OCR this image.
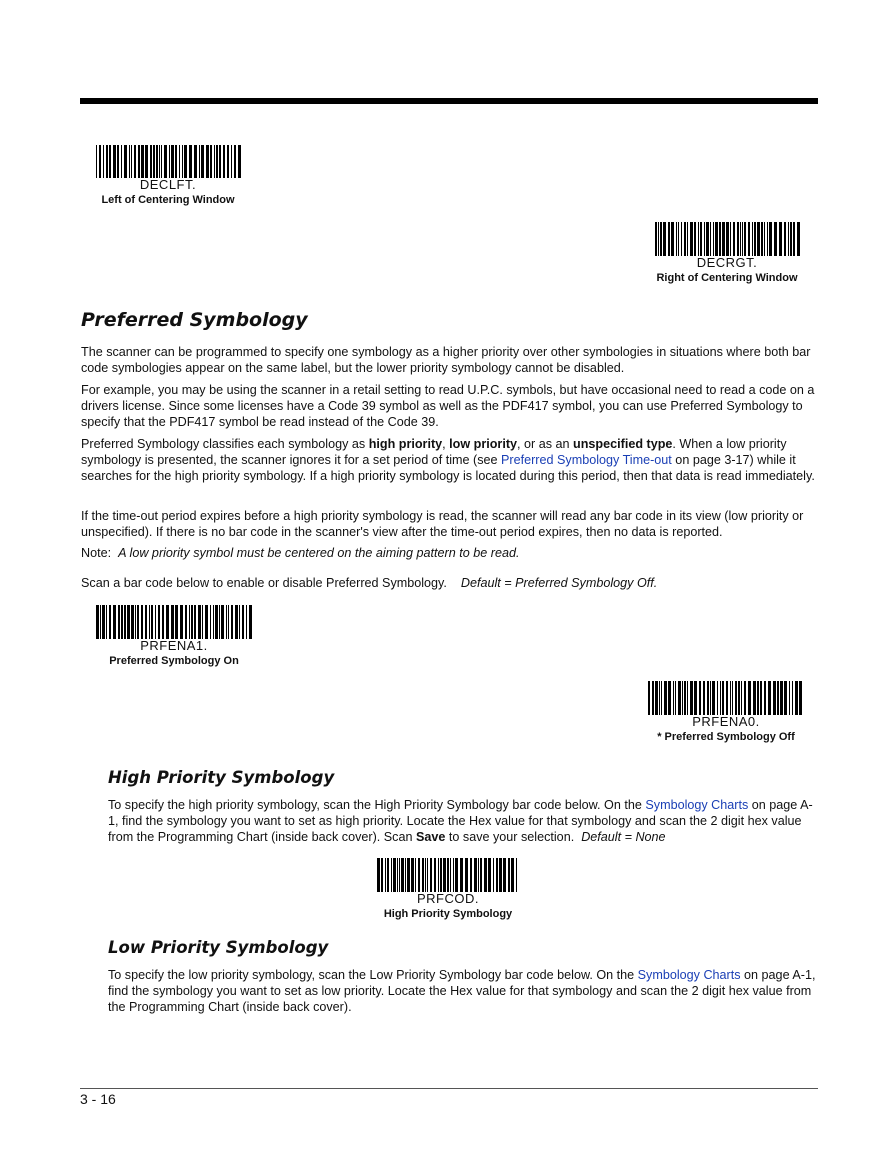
DECLFT.
Left of Centering Window
DECRGT.
Right of Centering Window
Preferred Symbology

The scanner can be programmed to specify one symbology as a higher priority over other symbologies in situations where both bar code symbologies appear on the same label, but the lower priority symbology cannot be disabled.

For example, you may be using the scanner in a retail setting to read U.P.C. symbols, but have occasional need to read a code on a drivers license. Since some licenses have a Code 39 symbol as well as the PDF417 symbol, you can use Preferred Symbology to specify that the PDF417 symbol be read instead of the Code 39.

Preferred Symbology classifies each symbology as high priority, low priority, or as an unspecified type. When a low priority symbology is presented, the scanner ignores it for a set period of time (see Preferred Symbology Time-out on page 3-17) while it searches for the high priority symbology. If a high priority symbology is located during this period, then that data is read immediately.

If the time-out period expires before a high priority symbology is read, the scanner will read any bar code in its view (low priority or unspecified). If there is no bar code in the scanner's view after the time-out period expires, then no data is reported.

Note: A low priority symbol must be centered on the aiming pattern to be read.

Scan a bar code below to enable or disable Preferred Symbology. Default = Preferred Symbology Off.

PRFENA1.
Preferred Symbology On
PRFENA0.
* Preferred Symbology Off
High Priority Symbology

To specify the high priority symbology, scan the High Priority Symbology bar code below. On the Symbology Charts on page A-1, find the symbology you want to set as high priority. Locate the Hex value for that symbology and scan the 2 digit hex value from the Programming Chart (inside back cover). Scan Save to save your selection. Default = None

PRFCOD.
High Priority Symbology
Low Priority Symbology

To specify the low priority symbology, scan the Low Priority Symbology bar code below. On the Symbology Charts on page A-1, find the symbology you want to set as low priority. Locate the Hex value for that symbology and scan the 2 digit hex value from the Programming Chart (inside back cover).

3 - 16
